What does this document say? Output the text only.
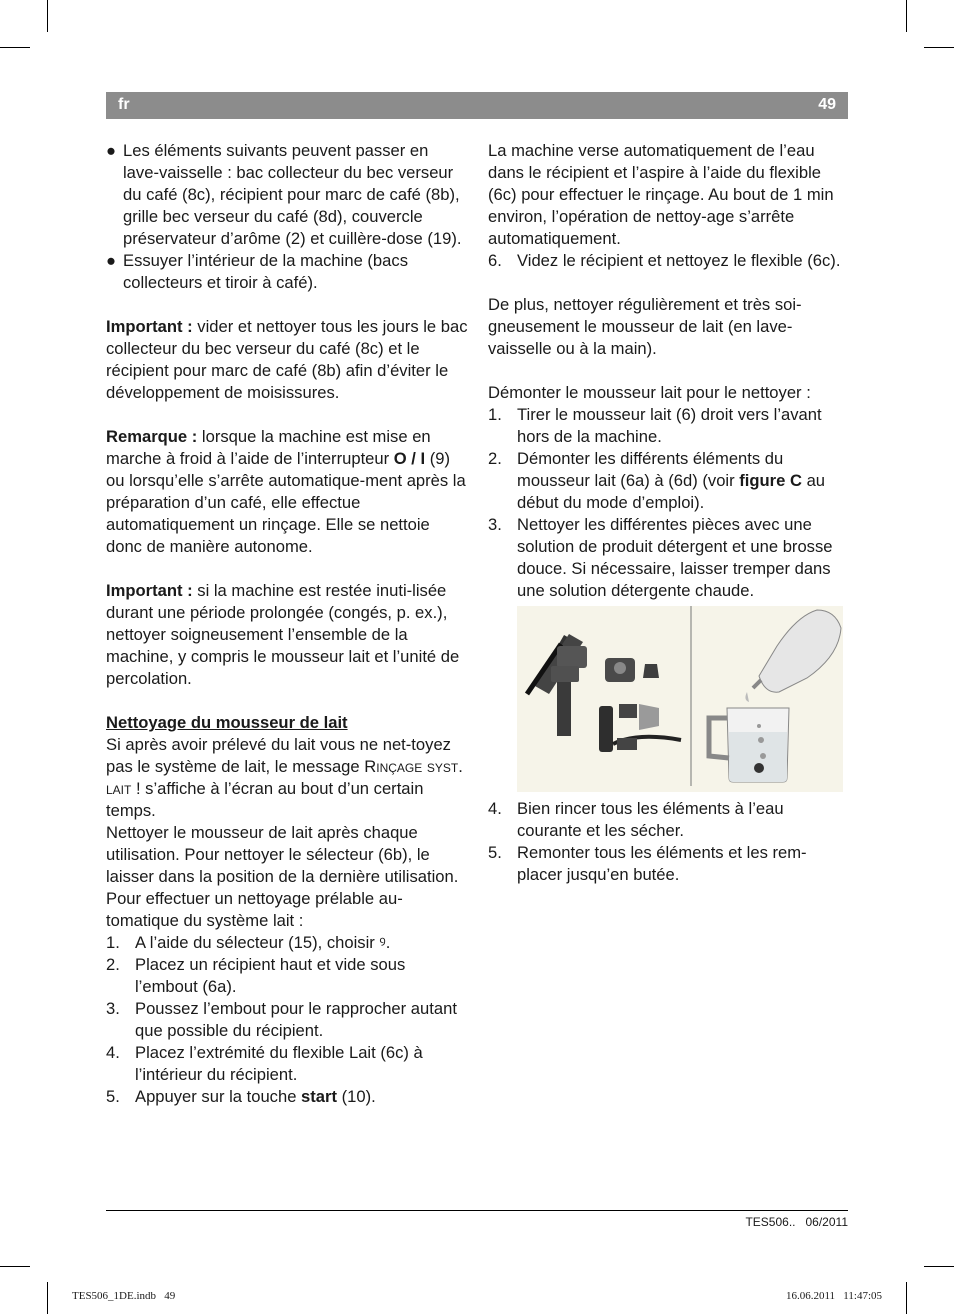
fr	49

● Les éléments suivants peuvent passer en lave-vaisselle : bac collecteur du bec verseur du café (8c), récipient pour marc de café (8b), grille bec verseur du café (8d), couvercle préservateur d’arôme (2) et cuillère-dose (19).

● Essuyer l’intérieur de la machine (bacs collecteurs et tiroir à café).

Important : vider et nettoyer tous les jours le bac collecteur du bec verseur du café (8c) et le récipient pour marc de café (8b) afin d’éviter le développement de moisissures.

Remarque : lorsque la machine est mise en marche à froid à l’aide de l’interrupteur O / I (9) ou lorsqu’elle s’arrête automatique-ment après la préparation d’un café, elle effectue automatiquement un rinçage. Elle se nettoie donc de manière autonome.

Important : si la machine est restée inuti-lisée durant une période prolongée (congés, p. ex.), nettoyer soigneusement l’ensemble de la machine, y compris le mousseur lait et l’unité de percolation.

Nettoyage du mousseur de lait

Si après avoir prélevé du lait vous ne net-toyez pas le système de lait, le message Rinçage syst. lait ! s’affiche à l’écran au bout d’un certain temps.

Nettoyer le mousseur de lait après chaque utilisation. Pour nettoyer le sélecteur (6b), le laisser dans la position de la dernière utilisation.

Pour effectuer un nettoyage prélable au-tomatique du système lait :

1. A l’aide du sélecteur (15), choisir ꝰ.

2. Placez un récipient haut et vide sous l’embout (6a).

3. Poussez l’embout pour le rapprocher autant que possible du récipient.

4. Placez l’extrémité du flexible Lait (6c) à l’intérieur du récipient.

5. Appuyer sur la touche start (10).

La machine verse automatiquement de l’eau dans le récipient et l’aspire à l’aide du flexible (6c) pour effectuer le rinçage. Au bout de 1 min environ, l’opération de nettoy-age s’arrête automatiquement.

6. Videz le récipient et nettoyez le flexible (6c).

De plus, nettoyer régulièrement et très soi-gneusement le mousseur de lait (en lave-vaisselle ou à la main).

Démonter le mousseur lait pour le nettoyer :

1. Tirer le mousseur lait (6) droit vers l’avant hors de la machine.

2. Démonter les différents éléments du mousseur lait (6a) à (6d) (voir figure C au début du mode d’emploi).

3. Nettoyer les différentes pièces avec une solution de produit détergent et une brosse douce. Si nécessaire, laisser tremper dans une solution détergente chaude.

4. Bien rincer tous les éléments à l’eau courante et les sécher.

5. Remonter tous les éléments et les rem-placer jusqu’en butée.

TES506.. 06/2011
TES506_1DE.indb   49	16.06.2011   11:47:05
